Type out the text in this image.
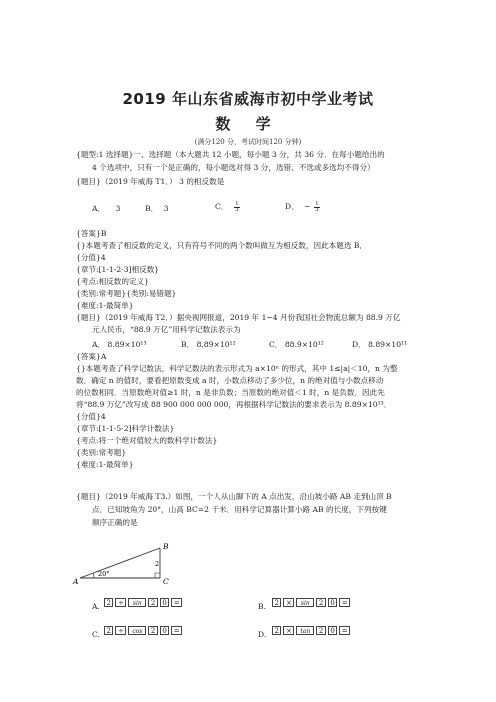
2019 年山东省威海市初中学业考试
数 学
(满分120 分，考试时间120 分钟)
{题型:1 选择题}一、选择题（本大题共 12 小题，每小题 3 分，共 36 分．在每小题给出的
4 个选项中，只有一个是正确的，每小题选对得 3 分，选错、不选或多选均不得分）
{题目}（2019 年威海 T1．） 3 的相反数是
A． 3	B． 3	C． $\frac{1}{3}$	D． − $\frac{1}{3}$
{答案}B
{}本题考查了相反数的定义，只有符号不同的两个数叫做互为相反数，因此本题选 B．
{分值}4
{章节:[1-1-2-3]相反数}
{考点:相反数的定义}
{类别:常考题}{类别:易错题}
{难度:1-最简单}
{题目}（2019 年威海 T2．）据央视网报道，2019 年 1~4 月份我国社会物流总额为 88.9 万亿
元人民币，“88.9 万亿”用科学记数法表示为
A． 8.89×10¹³	B． 8.89×10¹²	C． 88.9×10¹²	D． 8.89×10¹¹
{答案}A
{}本题考查了科学记数法，科学记数法的表示形式为 a×10ⁿ 的形式，其中 1≤|a|＜10，n 为整
数．确定 n 的值时，要看把原数变成 a 时，小数点移动了多少位，n 的绝对值与小数点移动
的位数相同．当原数绝对值≥1 时，n 是非负数；当原数的绝对值＜1 时，n 是负数．因此先
将“88.9 万亿”改写成 88 900 000 000 000，再根据科学记数法的要求表示为 8.89×10¹³．
{分值}4
{章节:[1-1-5-2]科学计数法}
{考点:将一个绝对值较大的数科学计数法}
{类别:常考题}
{难度:1-最简单}
{题目}（2019 年威海 T3.）如图，一个人从山脚下的 A 点出发，沿山坡小路 AB 走到山顶 B
点．已知坡角为 20°，山高 BC=2 千米．用科学记算器计算小路 AB 的长度，下列按键
顺序正确的是
A
B
C
20°
2
A. 2	÷	sin	2	0	=	B.	2	×	sin	2	0	=
C. 2	÷	cos	2	0	=	D.	2	×	tan	2	0	=
